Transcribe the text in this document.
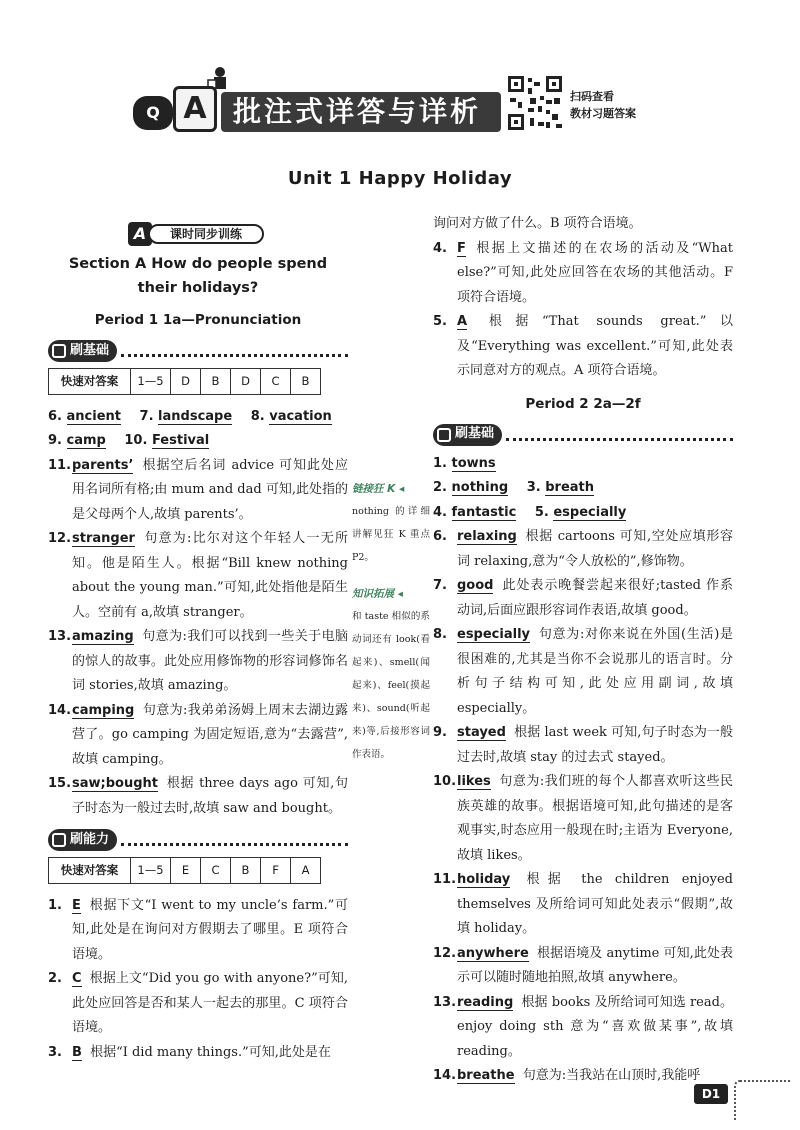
Q A 批注式详答与详析	扫码查看
教材习题答案
Unit 1 Happy Holiday
A	课时同步训练
Section A How do people spend their holidays?
Period 1 1a—Pronunciation
刷基础
快速对答案	1—5	D	B	D	C	B
6. ancient 7. landscape 8. vacation
9. camp 10. Festival
11. parents’ 根据空后名词 advice 可知此处应用名词所有格;由 mum and dad 可知,此处指的是父母两个人,故填 parents’。
12. stranger 句意为:比尔对这个年轻人一无所知。他是陌生人。根据“Bill knew nothing about the young man.”可知,此处指他是陌生人。空前有 a,故填 stranger。
13. amazing 句意为:我们可以找到一些关于电脑的惊人的故事。此处应用修饰物的形容词修饰名词 stories,故填 amazing。
14. camping 句意为:我弟弟汤姆上周末去湖边露营了。go camping 为固定短语,意为“去露营”,故填 camping。
15. saw;bought 根据 three days ago 可知,句子时态为一般过去时,故填 saw and bought。
刷能力
快速对答案	1—5	E	C	B	F	A
1. E 根据下文“I went to my uncle’s farm.”可知,此处是在询问对方假期去了哪里。E 项符合语境。
2. C 根据上文“Did you go with anyone?”可知,此处应回答是否和某人一起去的那里。C 项符合语境。
3. B 根据“I did many things.”可知,此处是在
链接狂 K ◂
nothing 的详细讲解见狂 K 重点 P2。
知识拓展 ◂
和 taste 相似的系动词还有 look(看起来)、smell(闻起来)、feel(摸起来)、sound(听起来)等,后接形容词作表语。
询问对方做了什么。B 项符合语境。
4. F 根据上文描述的在农场的活动及“What else?”可知,此处应回答在农场的其他活动。F 项符合语境。
5. A 根据“That sounds great.”以及“Everything was excellent.”可知,此处表示同意对方的观点。A 项符合语境。
Period 2 2a—2f
刷基础
1. towns
2. nothing 3. breath
4. fantastic 5. especially
6. relaxing 根据 cartoons 可知,空处应填形容词 relaxing,意为“令人放松的”,修饰物。
7. good 此处表示晚餐尝起来很好;tasted 作系动词,后面应跟形容词作表语,故填 good。
8. especially 句意为:对你来说在外国(生活)是很困难的,尤其是当你不会说那儿的语言时。分析句子结构可知,此处应用副词,故填 especially。
9. stayed 根据 last week 可知,句子时态为一般过去时,故填 stay 的过去式 stayed。
10. likes 句意为:我们班的每个人都喜欢听这些民族英雄的故事。根据语境可知,此句描述的是客观事实,时态应用一般现在时;主语为 Everyone,故填 likes。
11. holiday 根据 the children enjoyed themselves 及所给词可知此处表示“假期”,故填 holiday。
12. anywhere 根据语境及 anytime 可知,此处表示可以随时随地拍照,故填 anywhere。
13. reading 根据 books 及所给词可知选 read。enjoy doing sth 意为“喜欢做某事”,故填 reading。
14. breathe 句意为:当我站在山顶时,我能呼
D1
